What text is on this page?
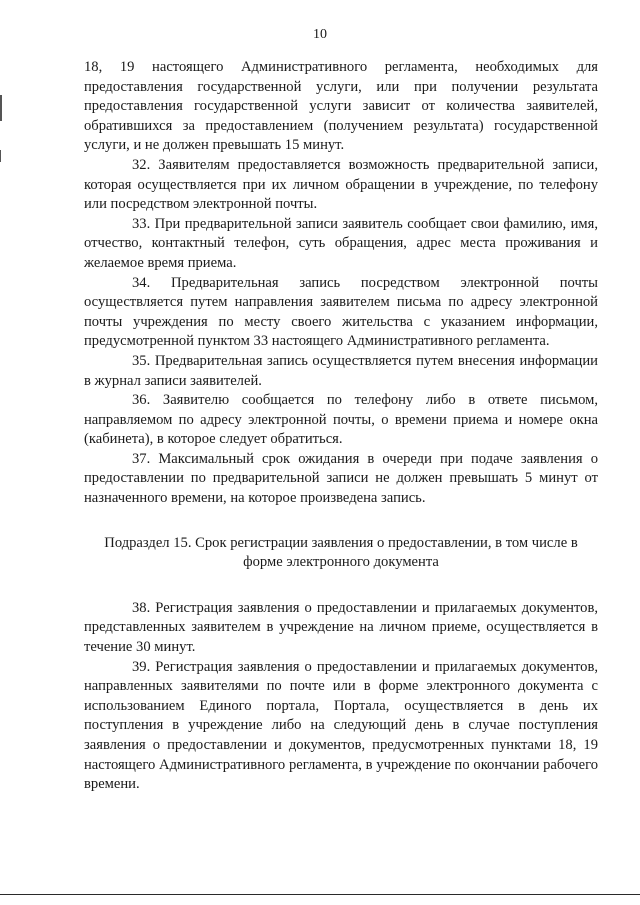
10

18, 19 настоящего Административного регламента, необходимых для предоставления государственной услуги, или при получении результата предоставления государственной услуги зависит от количества заявителей, обратившихся за предоставлением (получением результата) государственной услуги, и не должен превышать 15 минут.

32. Заявителям предоставляется возможность предварительной записи, которая осуществляется при их личном обращении в учреждение, по телефону или посредством электронной почты.

33. При предварительной записи заявитель сообщает свои фамилию, имя, отчество, контактный телефон, суть обращения, адрес места проживания и желаемое время приема.

34. Предварительная запись посредством электронной почты осуществляется путем направления заявителем письма по адресу электронной почты учреждения по месту своего жительства с указанием информации, предусмотренной пунктом 33 настоящего Административного регламента.

35. Предварительная запись осуществляется путем внесения информации в журнал записи заявителей.

36. Заявителю сообщается по телефону либо в ответе письмом, направляемом по адресу электронной почты, о времени приема и номере окна (кабинета), в которое следует обратиться.

37. Максимальный срок ожидания в очереди при подаче заявления о предоставлении по предварительной записи не должен превышать 5 минут от назначенного времени, на которое произведена запись.

Подраздел 15. Срок регистрации заявления о предоставлении, в том числе в форме электронного документа

38. Регистрация заявления о предоставлении и прилагаемых документов, представленных заявителем в учреждение на личном приеме, осуществляется в течение 30 минут.

39. Регистрация заявления о предоставлении и прилагаемых документов, направленных заявителями по почте или в форме электронного документа с использованием Единого портала, Портала, осуществляется в день их поступления в учреждение либо на следующий день в случае поступления заявления о предоставлении и документов, предусмотренных пунктами 18, 19 настоящего Административного регламента, в учреждение по окончании рабочего времени.
